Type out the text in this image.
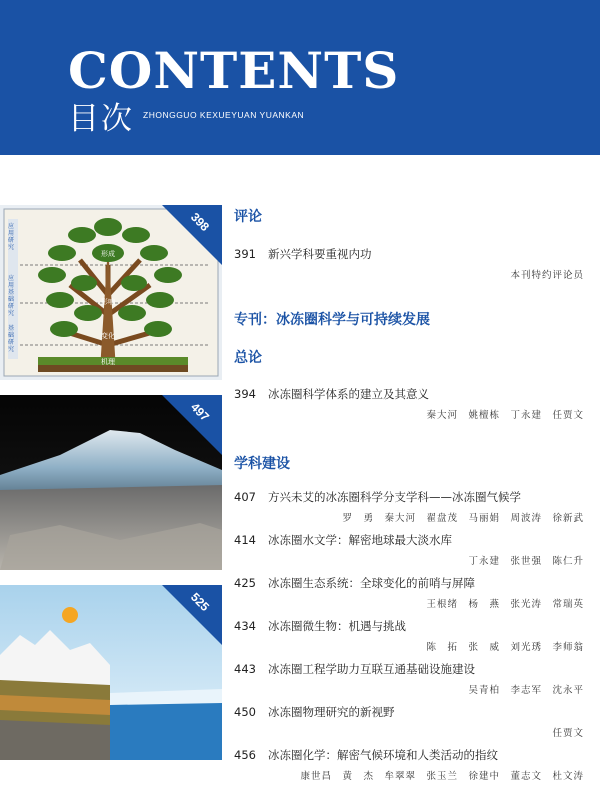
CONTENTS
目次 ZHONGGUO KEXUEYUAN YUANKAN
应用研究
应用基础研究
基础研究
形成
影响
变化
机理
398
497
525
评论
391 新兴学科要重视内功
本刊特约评论员
专刊：冰冻圈科学与可持续发展
总论
394 冰冻圈科学体系的建立及其意义
秦大河　姚檀栋　丁永建　任贾文
学科建设
407 方兴未艾的冰冻圈科学分支学科——冰冻圈气候学
罗　勇　秦大河　翟盘茂　马丽娟　周波涛　徐新武
414 冰冻圈水文学：解密地球最大淡水库
丁永建　张世强　陈仁升
425 冰冻圈生态系统：全球变化的前哨与屏障
王根绪　杨　燕　张光涛　常瑞英
434 冰冻圈微生物：机遇与挑战
陈　拓　张　威　刘光琇　李师翁
443 冰冻圈工程学助力互联互通基础设施建设
吴青柏　李志军　沈永平
450 冰冻圈物理研究的新视野
任贾文
456 冰冻圈化学：解密气候环境和人类活动的指纹
康世昌　黄　杰　牟翠翠　张玉兰　徐建中　董志文　杜文涛
